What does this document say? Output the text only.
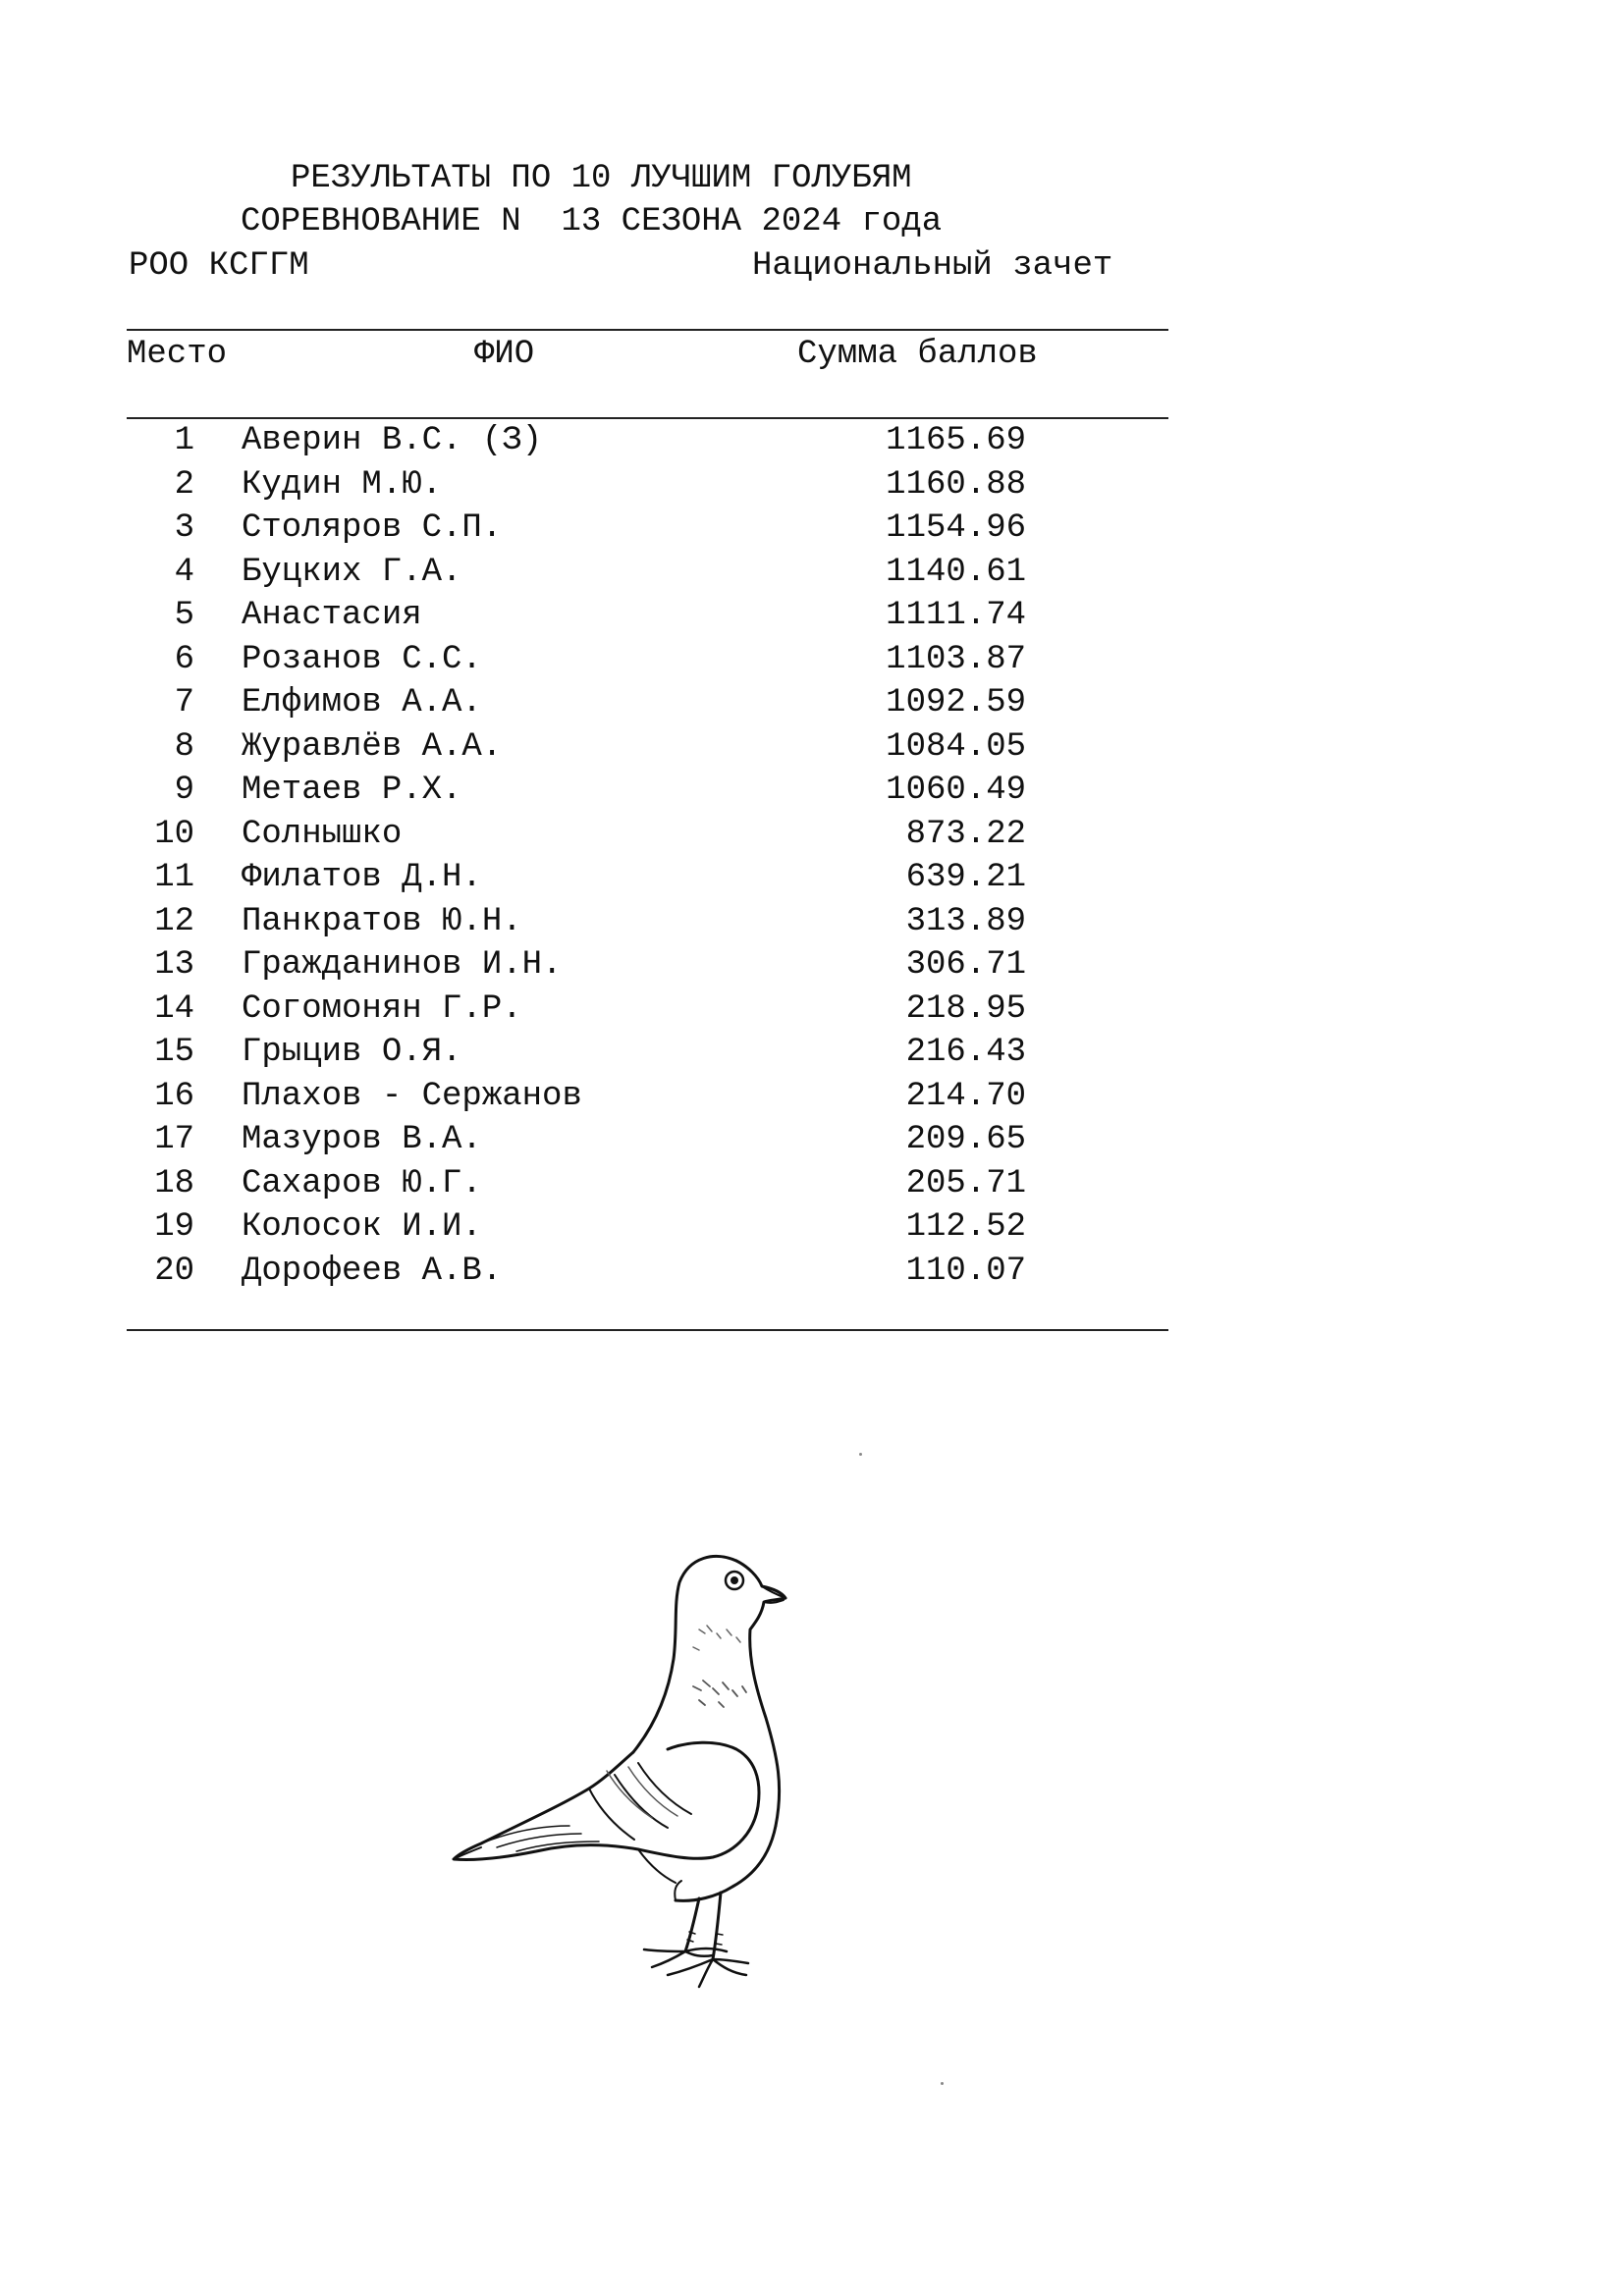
РЕЗУЛЬТАТЫ ПО 10 ЛУЧШИМ ГОЛУБЯМ
СОРЕВНОВАНИЕ N  13 СЕЗОНА 2024 года
РОО КСГГМ	Национальный зачет
Место	ФИО	Сумма баллов
1 Аверин В.С. (З)	1165.69
2 Кудин М.Ю.	1160.88
3 Столяров С.П.	1154.96
4 Буцких Г.А.	1140.61
5 Анастасия	1111.74
6 Розанов С.С.	1103.87
7 Елфимов А.А.	1092.59
8 Журавлёв А.А.	1084.05
9 Метаев Р.Х.	1060.49
10 Солнышко	873.22
11 Филатов Д.Н.	639.21
12 Панкратов Ю.Н.	313.89
13 Гражданинов И.Н.	306.71
14 Согомонян Г.Р.	218.95
15 Грыцив О.Я.	216.43
16 Плахов - Сержанов	214.70
17 Мазуров В.А.	209.65
18 Сахаров Ю.Г.	205.71
19 Колосок И.И.	112.52
20 Дорофеев А.В.	110.07
